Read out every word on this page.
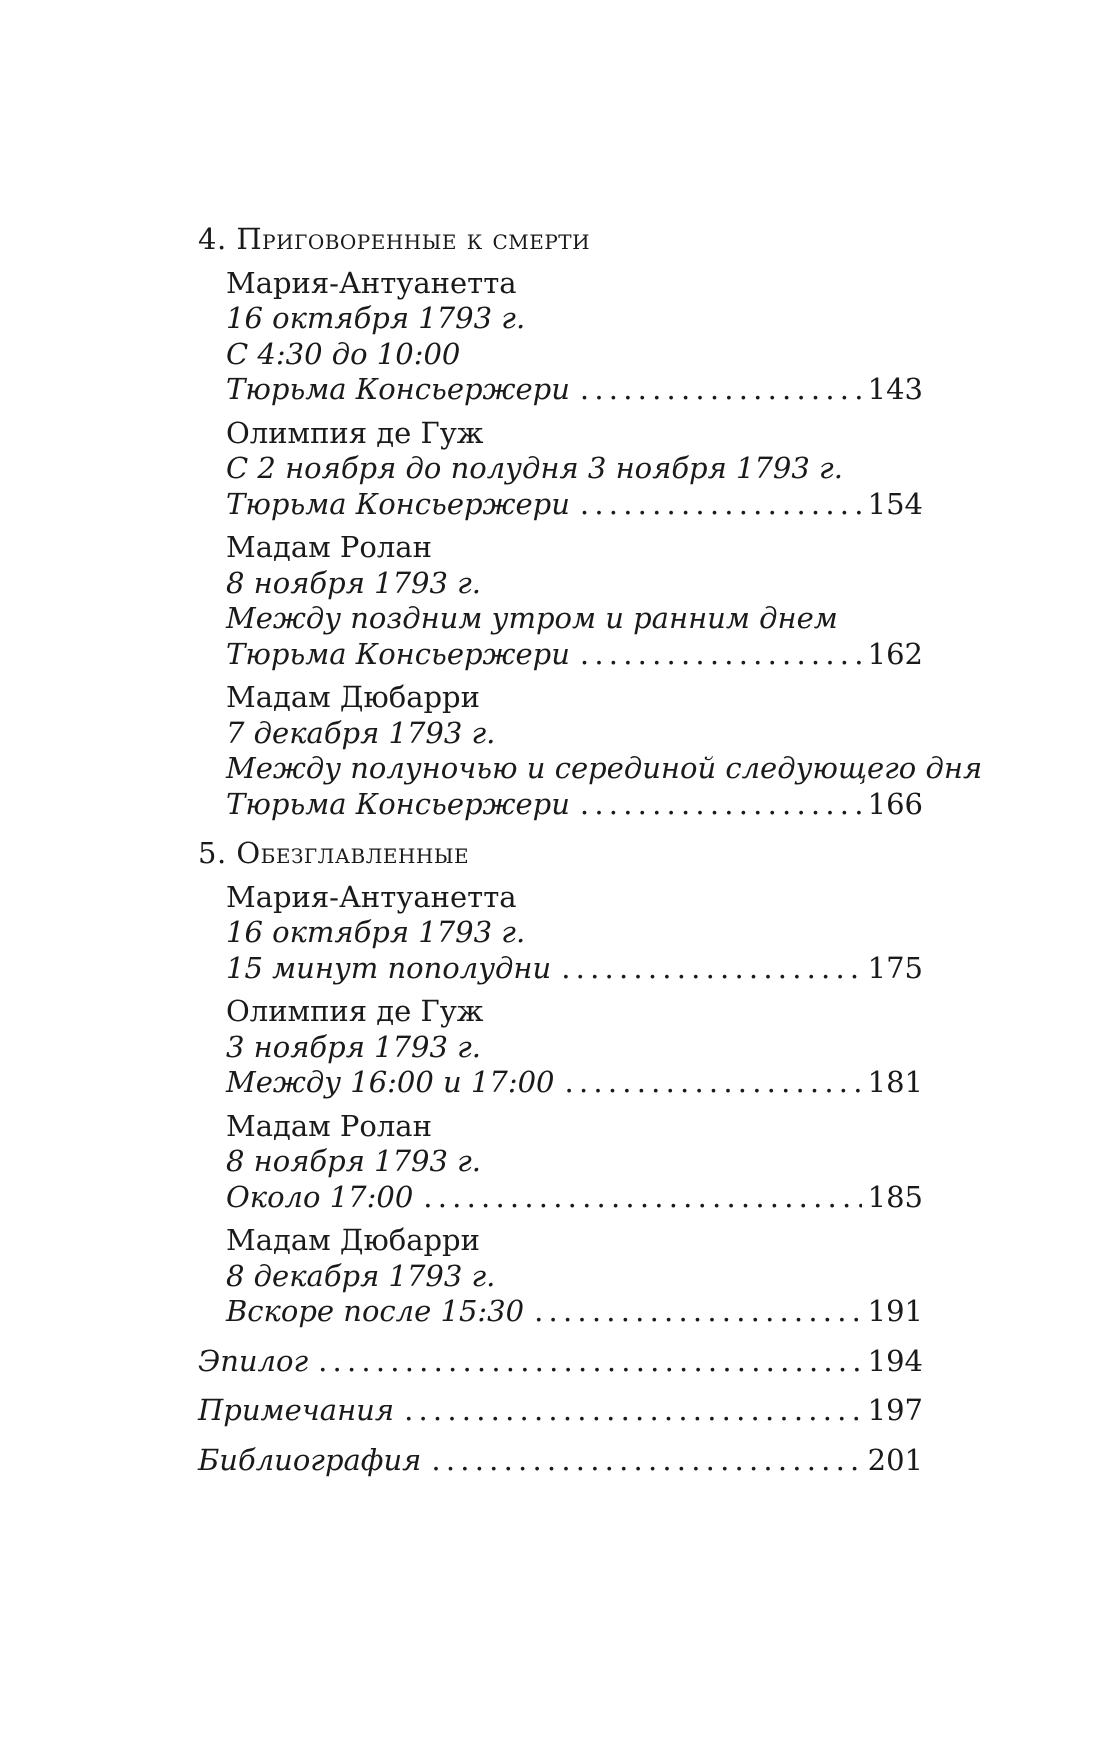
4. Приговоренные к смерти
Мария-Антуанетта
16 октября 1793 г.
С 4:30 до 10:00
Тюрьма Консьержери . . .	143
Олимпия де Гуж
С 2 ноября до полудня 3 ноября 1793 г.
Тюрьма Консьержери . . .	154
Мадам Ролан
8 ноября 1793 г.
Между поздним утром и ранним днем
Тюрьма Консьержери . . .	162
Мадам Дюбарри
7 декабря 1793 г.
Между полуночью и серединой следующего дня
Тюрьма Консьержери . . .	166
5. Обезглавленные
Мария-Антуанетта
16 октября 1793 г.
15 минут пополудни . . .	175
Олимпия де Гуж
3 ноября 1793 г.
Между 16:00 и 17:00 . . .	181
Мадам Ролан
8 ноября 1793 г.
Около 17:00 . . .	185
Мадам Дюбарри
8 декабря 1793 г.
Вскоре после 15:30 . . .	191
Эпилог . . .	194
Примечания . . .	197
Библиография . . .	201
